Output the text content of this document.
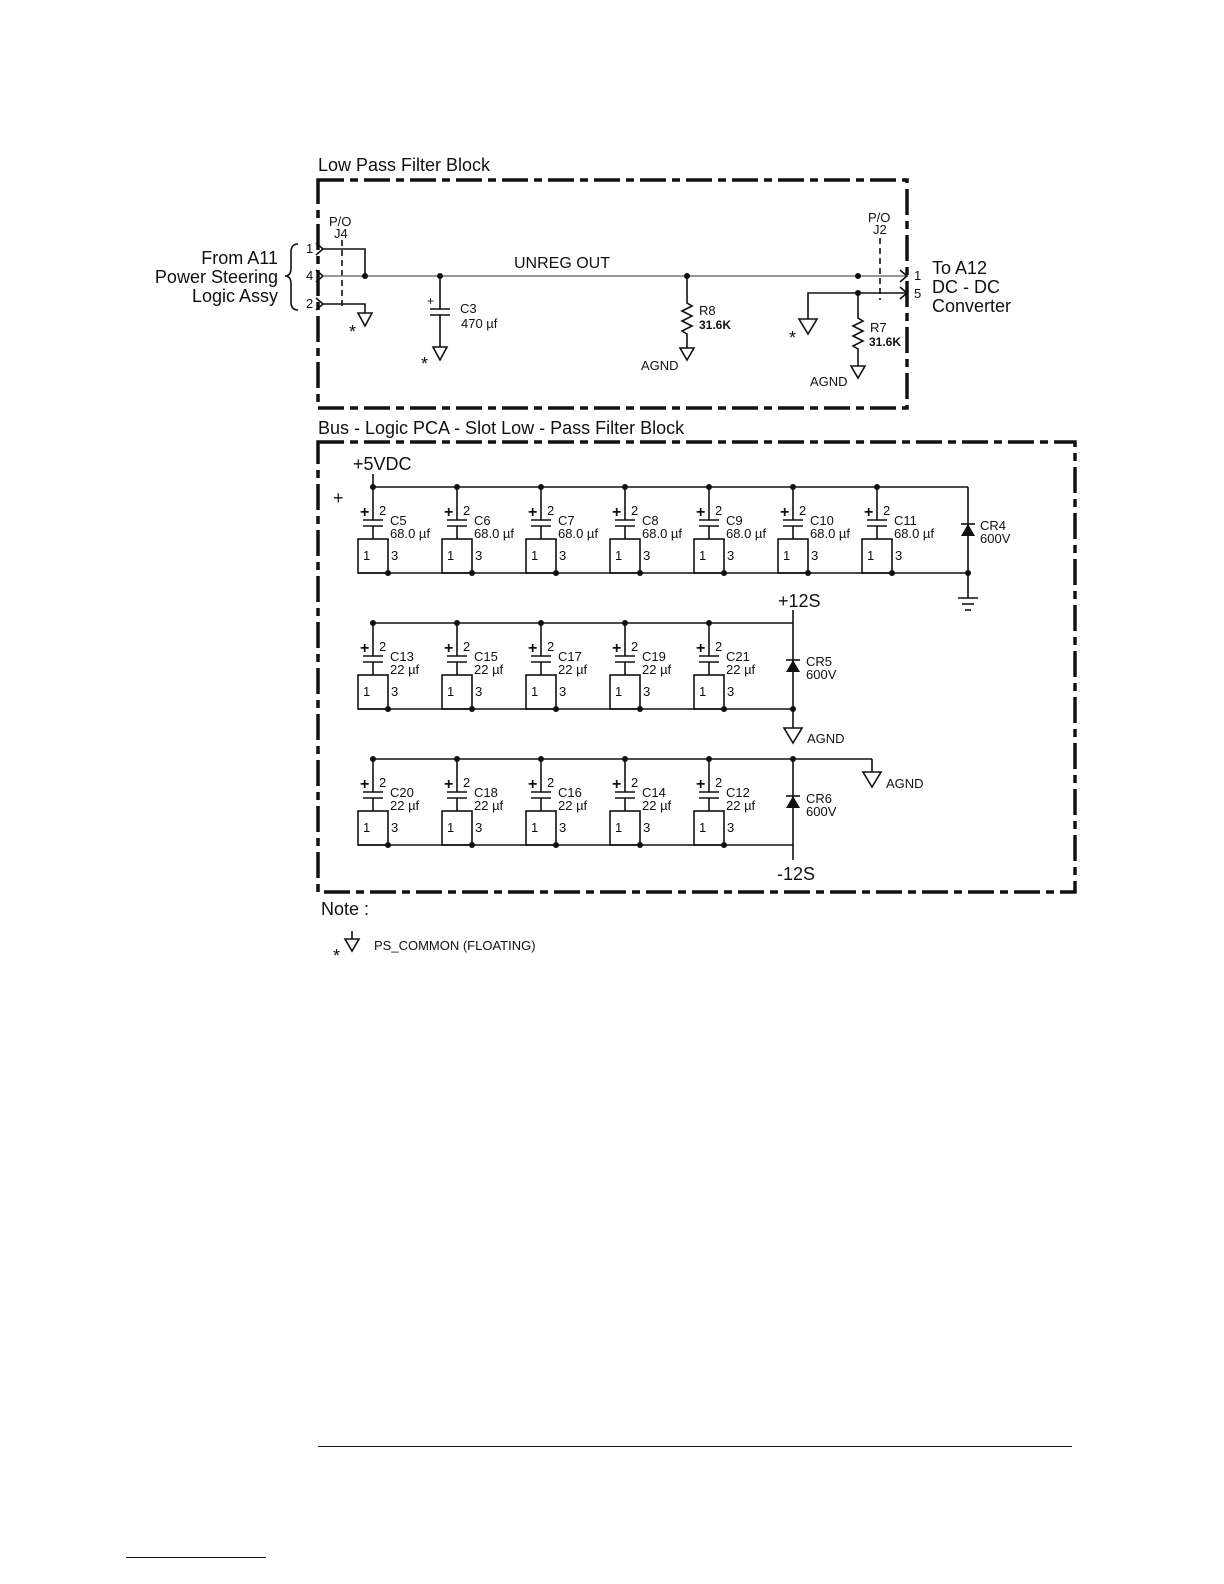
Low Pass Filter Block
P/O
J4
From A11
Power Steering
Logic Assy
1
4
2
*
UNREG OUT
+ C3
470 µf
*
R8
31.6K
AGND
P/O
J2
1
5
*
R7
31.6K
AGND
To A12
DC - DC
Converter
Bus - Logic PCA - Slot Low - Pass Filter Block
+5VDC
+
+ 2
C5
68.0 µf
1 3
+ 2
C6
68.0 µf
1 3
+ 2
C7
68.0 µf
1 3
+ 2
C8
68.0 µf
1 3
+ 2
C9
68.0 µf
1 3
+ 2
C10
68.0 µf
1 3
+ 2
C11
68.0 µf
1 3
+ 2
C13
22 µf
1 3
+ 2
C15
22 µf
1 3
+ 2
C17
22 µf
1 3
+ 2
C19
22 µf
1 3
+ 2
C21
22 µf
1 3
+ 2
C20
22 µf
1 3
+ 2
C18
22 µf
1 3
+ 2
C16
22 µf
1 3
+ 2
C14
22 µf
1 3
+ 2
C12
22 µf
1 3
CR4
600V
+12S
CR5
600V
AGND
CR6
600V
AGND
-12S
Note :
*
PS_COMMON (FLOATING)
